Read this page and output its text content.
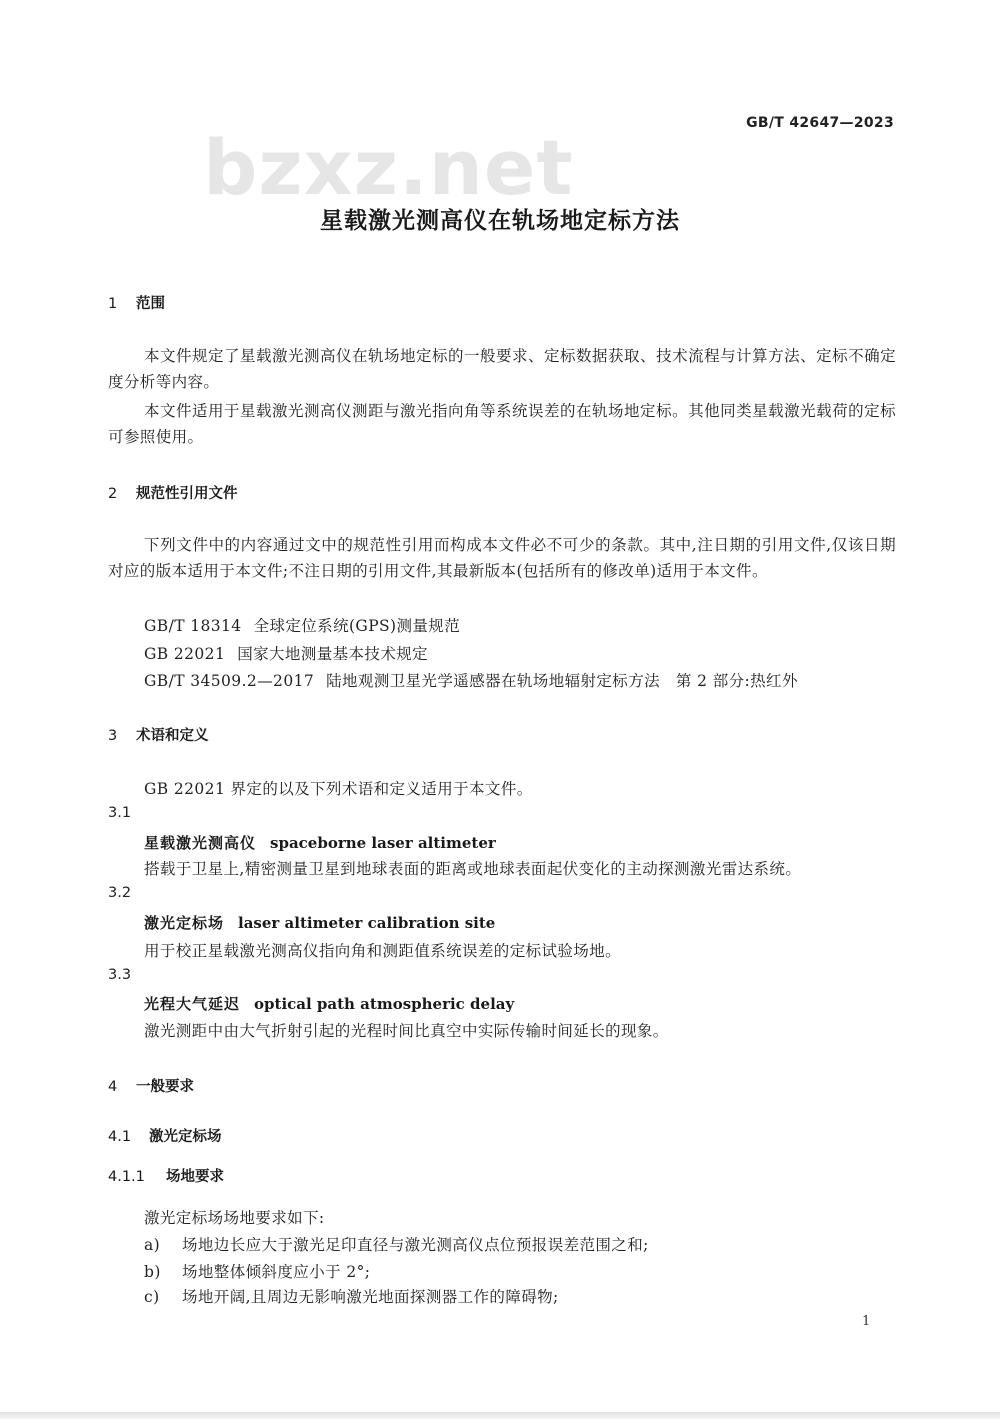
GB/T 42647—2023
bzxz.net
星载激光测高仪在轨场地定标方法
1 范围
本文件规定了星载激光测高仪在轨场地定标的一般要求、定标数据获取、技术流程与计算方法、定标不确定度分析等内容。
本文件适用于星载激光测高仪测距与激光指向角等系统误差的在轨场地定标。其他同类星载激光载荷的定标可参照使用。
2 规范性引用文件
下列文件中的内容通过文中的规范性引用而构成本文件必不可少的条款。其中,注日期的引用文件,仅该日期对应的版本适用于本文件;不注日期的引用文件,其最新版本(包括所有的修改单)适用于本文件。
GB/T 18314 全球定位系统(GPS)测量规范
GB 22021 国家大地测量基本技术规定
GB/T 34509.2—2017 陆地观测卫星光学遥感器在轨场地辐射定标方法　第 2 部分:热红外
3 术语和定义
GB 22021 界定的以及下列术语和定义适用于本文件。
3.1
星载激光测高仪 spaceborne laser altimeter
搭载于卫星上,精密测量卫星到地球表面的距离或地球表面起伏变化的主动探测激光雷达系统。
3.2
激光定标场 laser altimeter calibration site
用于校正星载激光测高仪指向角和测距值系统误差的定标试验场地。
3.3
光程大气延迟 optical path atmospheric delay
激光测距中由大气折射引起的光程时间比真空中实际传输时间延长的现象。
4 一般要求
4.1 激光定标场
4.1.1 场地要求
激光定标场场地要求如下:
a) 场地边长应大于激光足印直径与激光测高仪点位预报误差范围之和;
b) 场地整体倾斜度应小于 2°;
c) 场地开阔,且周边无影响激光地面探测器工作的障碍物;
1
